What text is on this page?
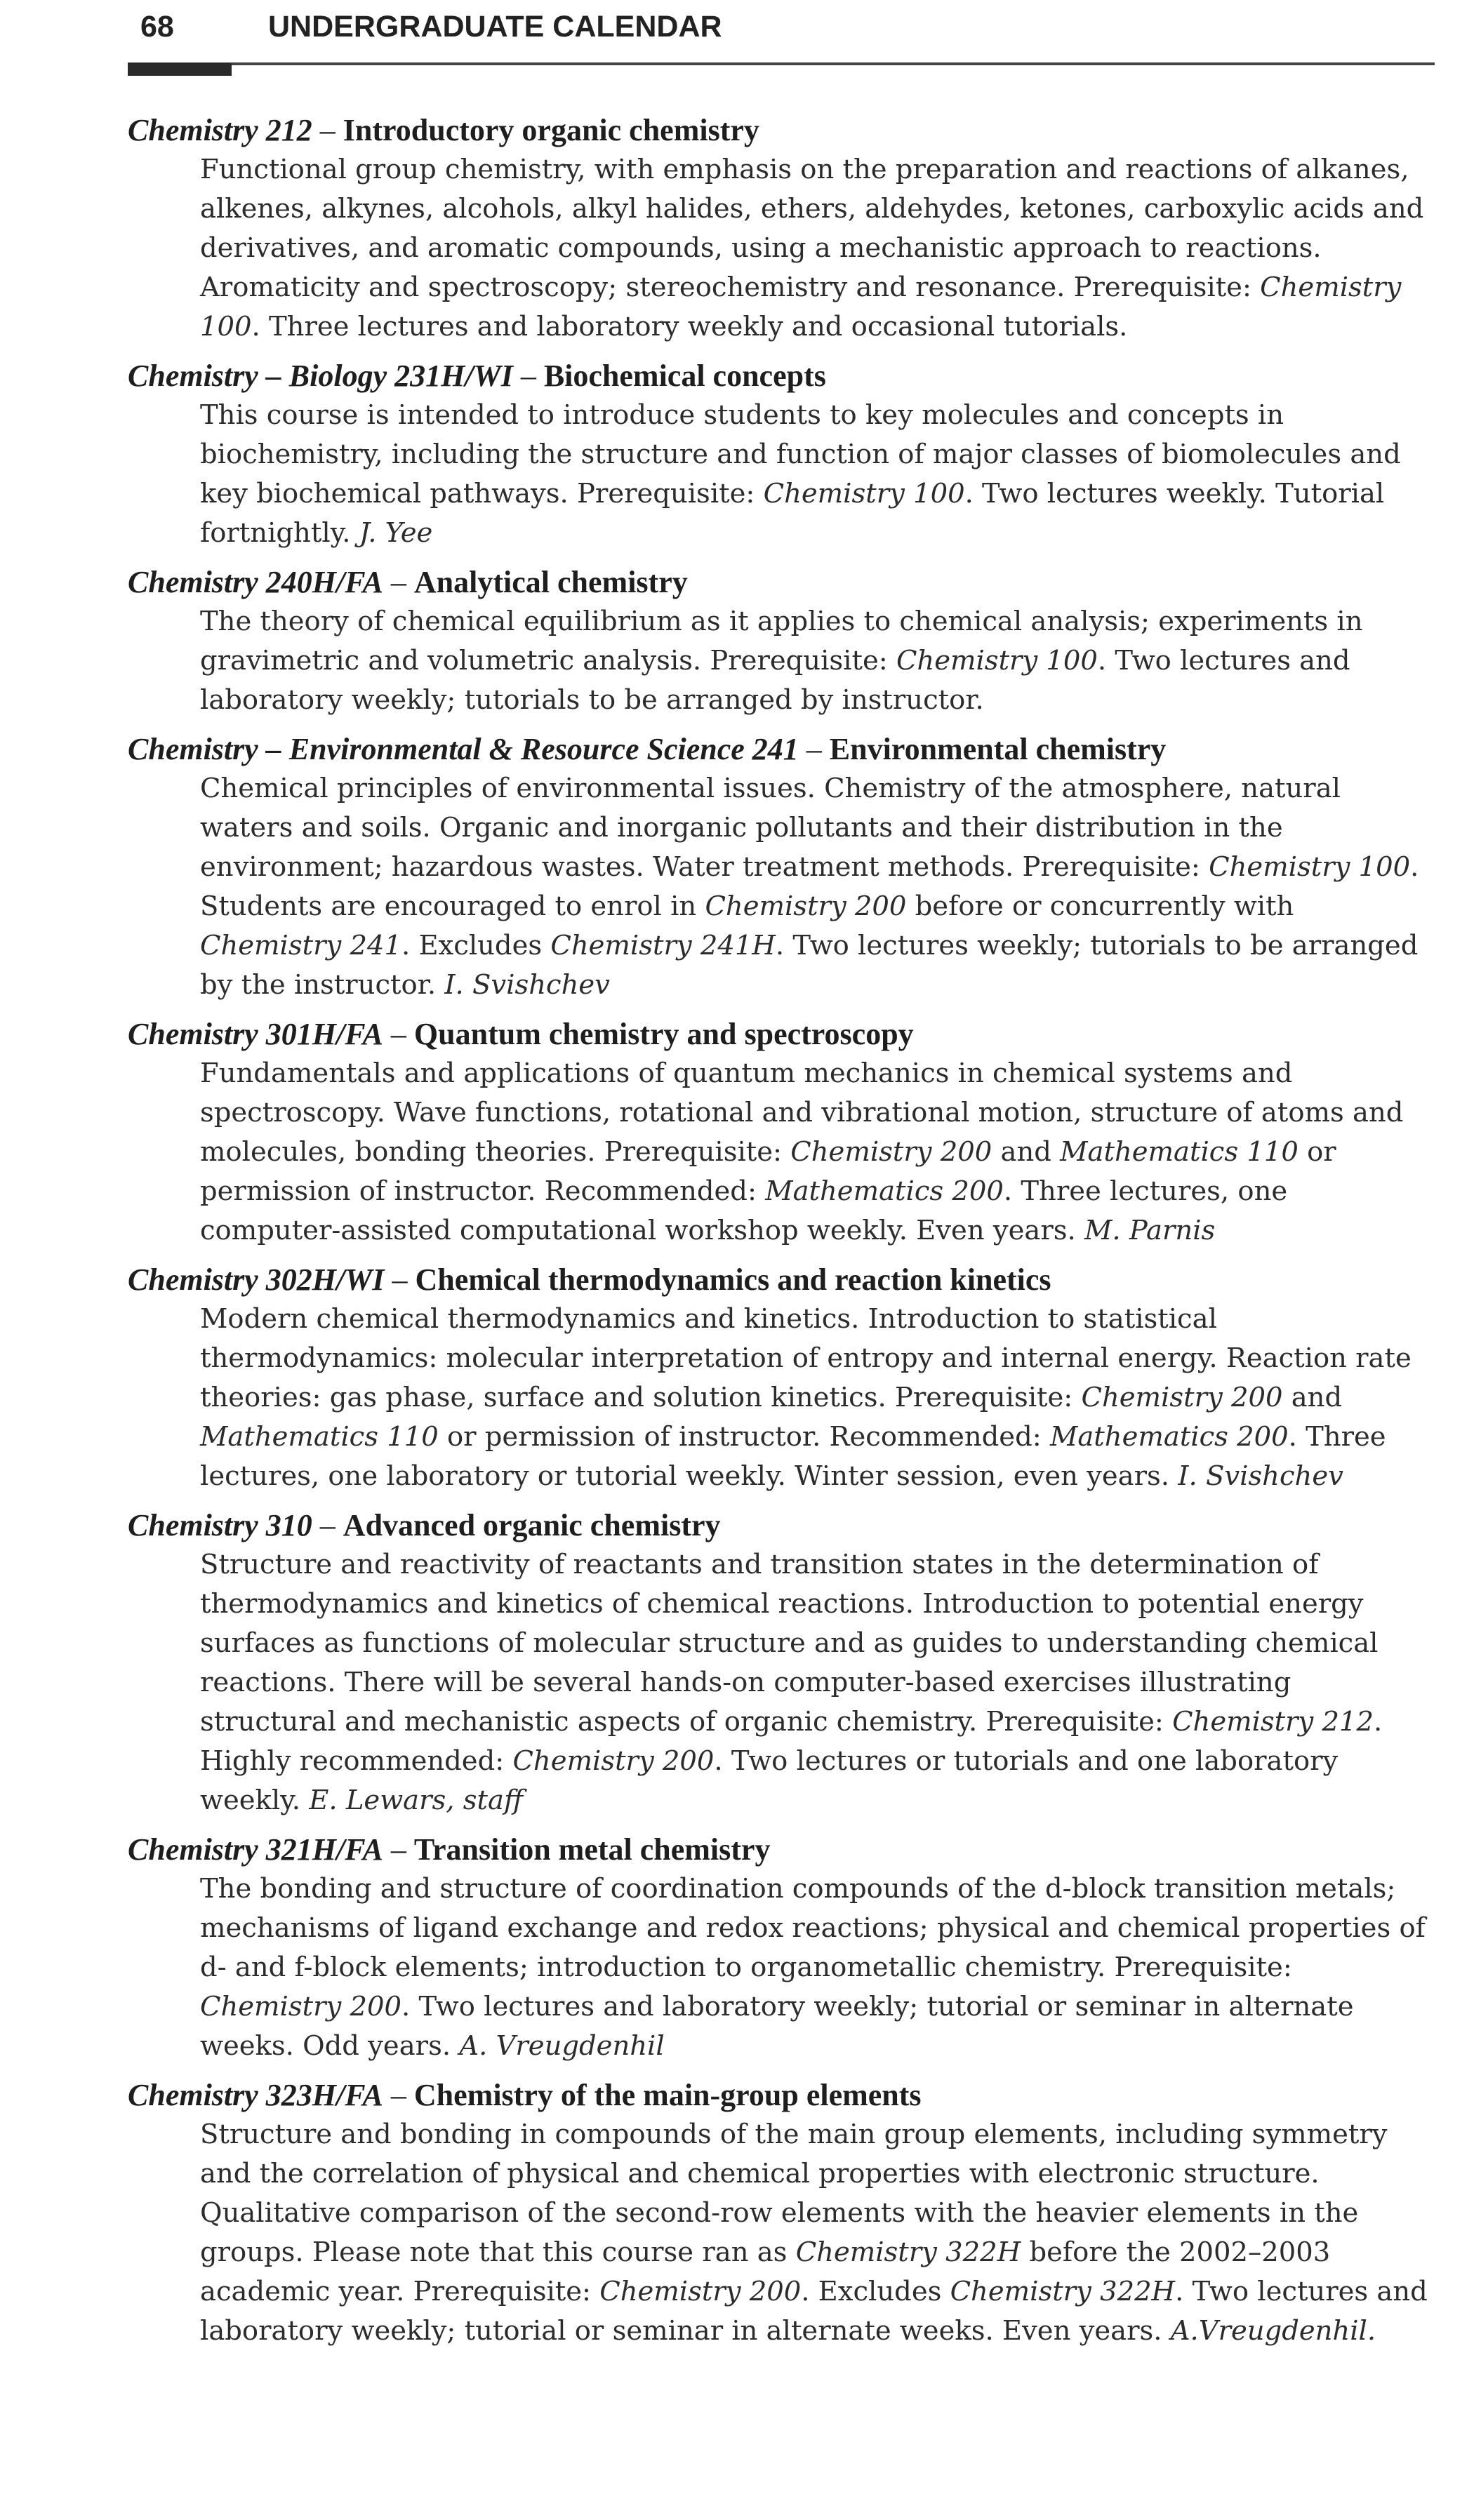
68	UNDERGRADUATE CALENDAR
Chemistry 212 – Introductory organic chemistry
Functional group chemistry, with emphasis on the preparation and reactions of alkanes, alkenes, alkynes, alcohols, alkyl halides, ethers, aldehydes, ketones, carboxylic acids and derivatives, and aromatic compounds, using a mechanistic approach to reactions. Aromaticity and spectroscopy; stereochemistry and resonance. Prerequisite: Chemistry 100. Three lectures and laboratory weekly and occasional tutorials.
Chemistry – Biology 231H/WI – Biochemical concepts
This course is intended to introduce students to key molecules and concepts in biochemistry, including the structure and function of major classes of biomolecules and key biochemical pathways. Prerequisite: Chemistry 100. Two lectures weekly. Tutorial fortnightly. J. Yee
Chemistry 240H/FA – Analytical chemistry
The theory of chemical equilibrium as it applies to chemical analysis; experiments in gravimetric and volumetric analysis. Prerequisite: Chemistry 100. Two lectures and laboratory weekly; tutorials to be arranged by instructor.
Chemistry – Environmental & Resource Science 241 – Environmental chemistry
Chemical principles of environmental issues. Chemistry of the atmosphere, natural waters and soils. Organic and inorganic pollutants and their distribution in the environment; hazardous wastes. Water treatment methods. Prerequisite: Chemistry 100. Students are encouraged to enrol in Chemistry 200 before or concurrently with Chemistry 241. Excludes Chemistry 241H. Two lectures weekly; tutorials to be arranged by the instructor. I. Svishchev
Chemistry 301H/FA – Quantum chemistry and spectroscopy
Fundamentals and applications of quantum mechanics in chemical systems and spectroscopy. Wave functions, rotational and vibrational motion, structure of atoms and molecules, bonding theories. Prerequisite: Chemistry 200 and Mathematics 110 or permission of instructor. Recommended: Mathematics 200. Three lectures, one computer-assisted computational workshop weekly. Even years. M. Parnis
Chemistry 302H/WI – Chemical thermodynamics and reaction kinetics
Modern chemical thermodynamics and kinetics. Introduction to statistical thermodynamics: molecular interpretation of entropy and internal energy. Reaction rate theories: gas phase, surface and solution kinetics. Prerequisite: Chemistry 200 and Mathematics 110 or permission of instructor. Recommended: Mathematics 200. Three lectures, one laboratory or tutorial weekly. Winter session, even years. I. Svishchev
Chemistry 310 – Advanced organic chemistry
Structure and reactivity of reactants and transition states in the determination of thermodynamics and kinetics of chemical reactions. Introduction to potential energy surfaces as functions of molecular structure and as guides to understanding chemical reactions. There will be several hands-on computer-based exercises illustrating structural and mechanistic aspects of organic chemistry. Prerequisite: Chemistry 212. Highly recommended: Chemistry 200. Two lectures or tutorials and one laboratory weekly. E. Lewars, staff
Chemistry 321H/FA – Transition metal chemistry
The bonding and structure of coordination compounds of the d-block transition metals; mechanisms of ligand exchange and redox reactions; physical and chemical properties of d- and f-block elements; introduction to organometallic chemistry. Prerequisite: Chemistry 200. Two lectures and laboratory weekly; tutorial or seminar in alternate weeks. Odd years. A. Vreugdenhil
Chemistry 323H/FA – Chemistry of the main-group elements
Structure and bonding in compounds of the main group elements, including symmetry and the correlation of physical and chemical properties with electronic structure. Qualitative comparison of the second-row elements with the heavier elements in the groups. Please note that this course ran as Chemistry 322H before the 2002–2003 academic year. Prerequisite: Chemistry 200. Excludes Chemistry 322H. Two lectures and laboratory weekly; tutorial or seminar in alternate weeks. Even years. A.Vreugdenhil.
